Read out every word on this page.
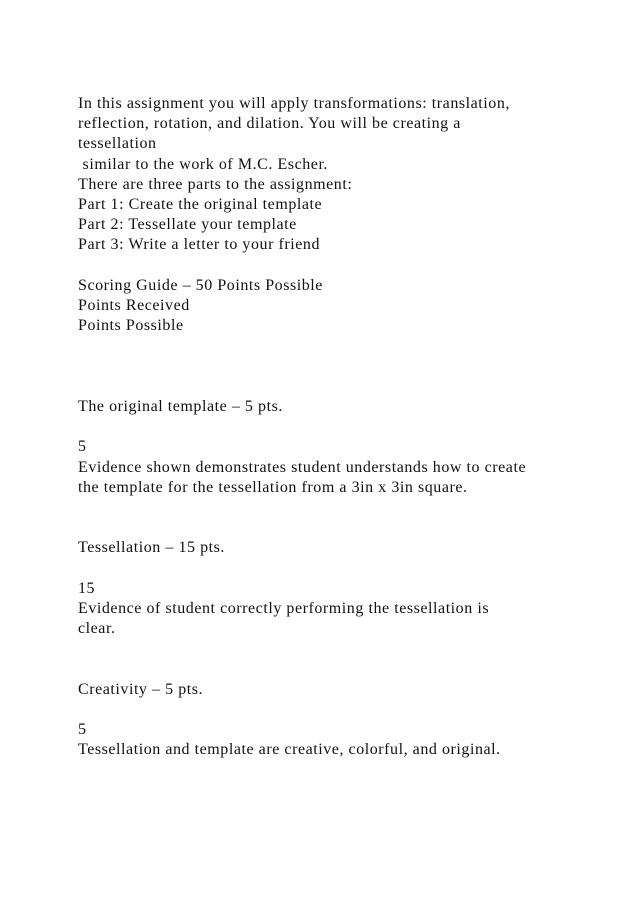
In this assignment you will apply transformations: translation,
reflection, rotation, and dilation. You will be creating a
tessellation
similar to the work of M.C. Escher.
There are three parts to the assignment:
Part 1: Create the original template
Part 2: Tessellate your template
Part 3: Write a letter to your friend
Scoring Guide – 50 Points Possible
Points Received
Points Possible
The original template – 5 pts.
5
Evidence shown demonstrates student understands how to create
the template for the tessellation from a 3in x 3in square.
Tessellation – 15 pts.
15
Evidence of student correctly performing the tessellation is
clear.
Creativity – 5 pts.
5
Tessellation and template are creative, colorful, and original.
